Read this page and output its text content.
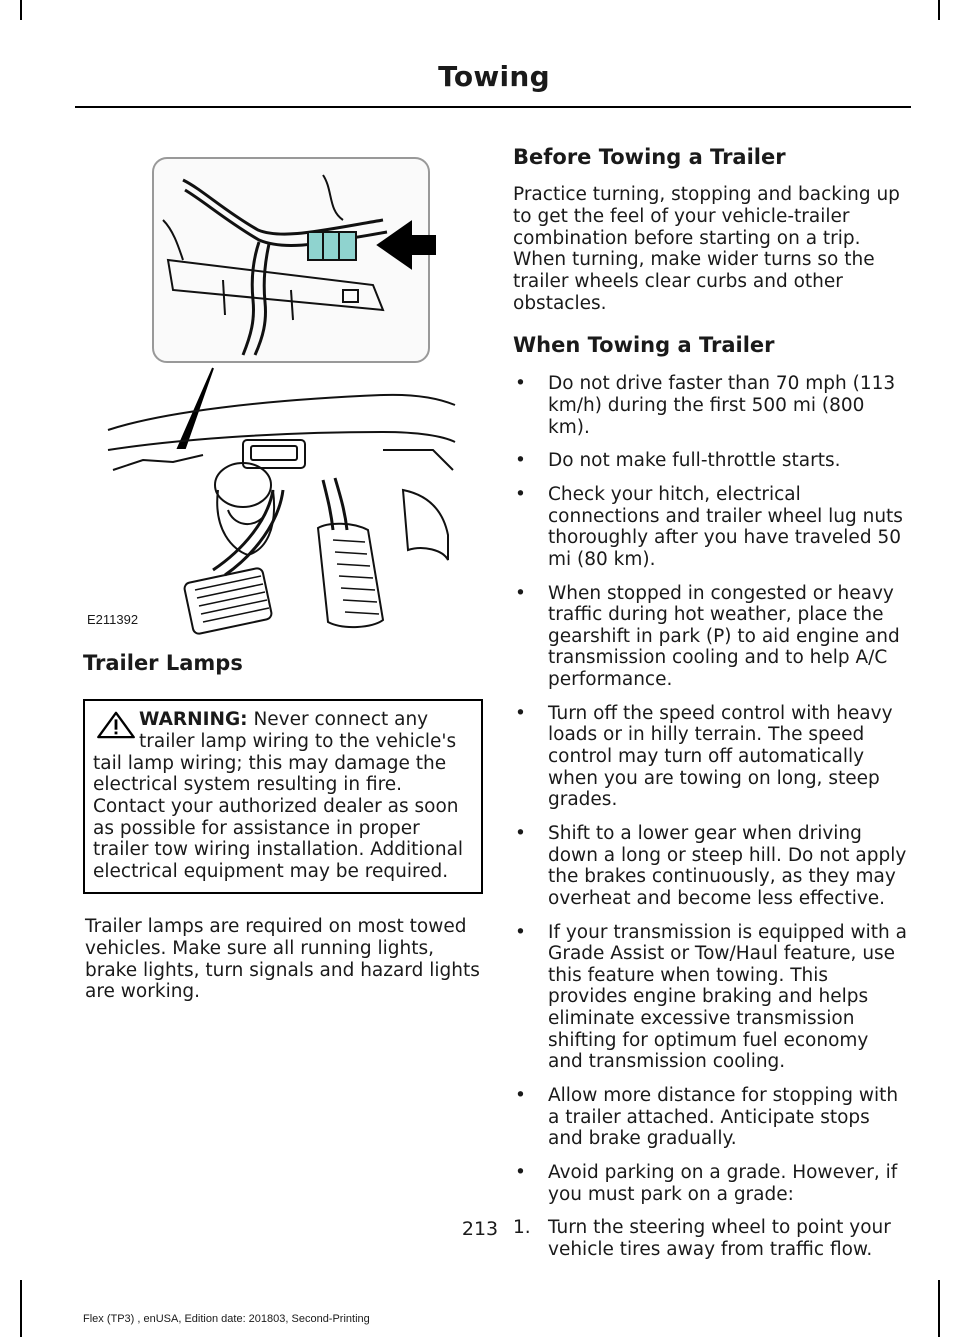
Towing
E211392
Trailer Lamps
WARNING: Never connect any trailer lamp wiring to the vehicle's tail lamp wiring; this may damage the electrical system resulting in fire. Contact your authorized dealer as soon as possible for assistance in proper trailer tow wiring installation. Additional electrical equipment may be required.

Trailer lamps are required on most towed vehicles. Make sure all running lights, brake lights, turn signals and hazard lights are working.

Before Towing a Trailer

Practice turning, stopping and backing up to get the feel of your vehicle-trailer combination before starting on a trip. When turning, make wider turns so the trailer wheels clear curbs and other obstacles.

When Towing a Trailer
• Do not drive faster than 70 mph (113 km/h) during the first 500 mi (800 km).
• Do not make full-throttle starts.
• Check your hitch, electrical connections and trailer wheel lug nuts thoroughly after you have traveled 50 mi (80 km).
• When stopped in congested or heavy traffic during hot weather, place the gearshift in park (P) to aid engine and transmission cooling and to help A/C performance.
• Turn off the speed control with heavy loads or in hilly terrain. The speed control may turn off automatically when you are towing on long, steep grades.
• Shift to a lower gear when driving down a long or steep hill. Do not apply the brakes continuously, as they may overheat and become less effective.
• If your transmission is equipped with a Grade Assist or Tow/Haul feature, use this feature when towing. This provides engine braking and helps eliminate excessive transmission shifting for optimum fuel economy and transmission cooling.
• Allow more distance for stopping with a trailer attached. Anticipate stops and brake gradually.
• Avoid parking on a grade. However, if you must park on a grade:
1. Turn the steering wheel to point your vehicle tires away from traffic flow.
213
Flex (TP3) , enUSA, Edition date: 201803, Second-Printing
